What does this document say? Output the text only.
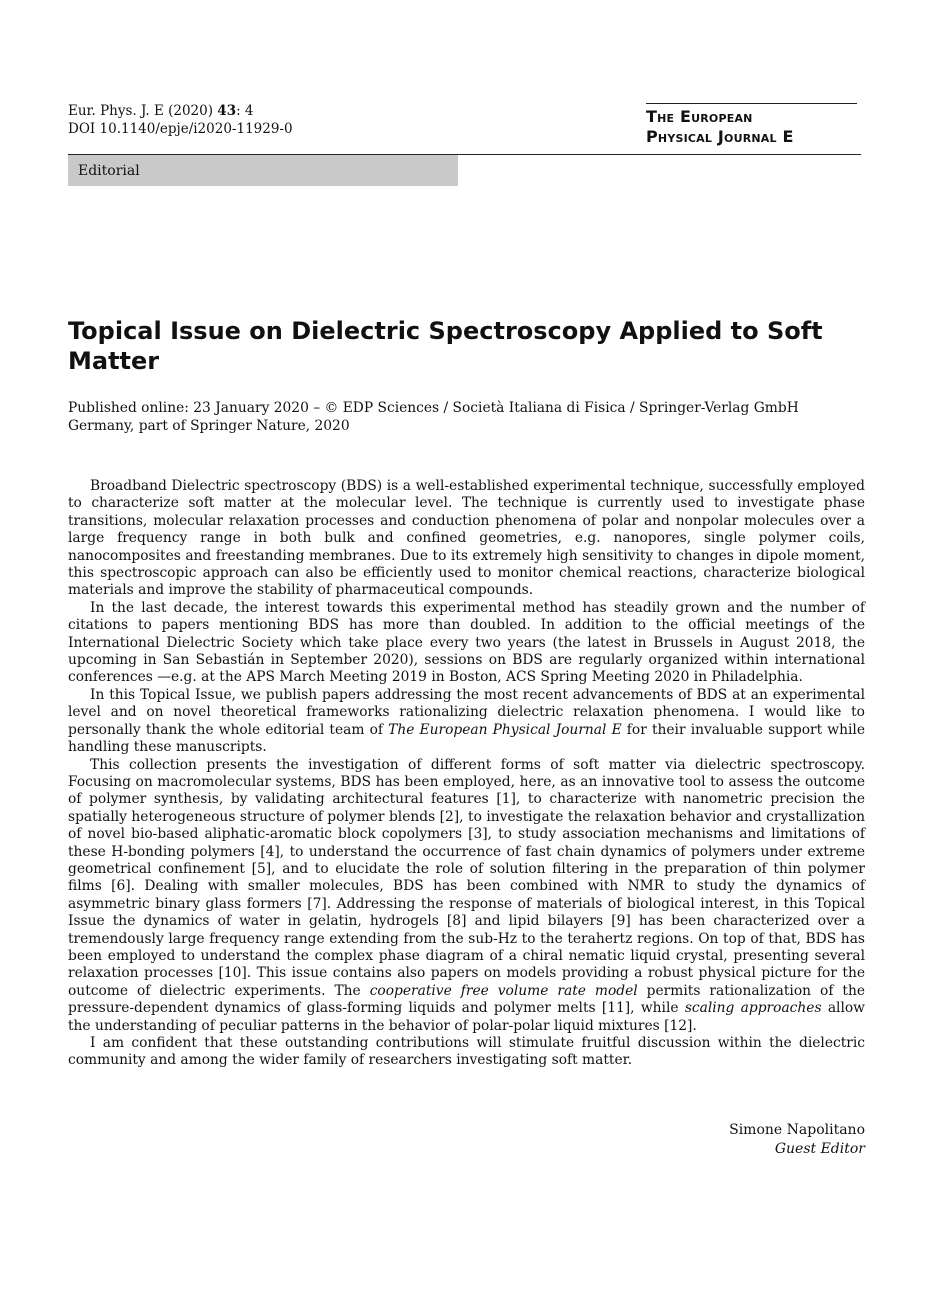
Eur. Phys. J. E (2020) 43: 4
DOI 10.1140/epje/i2020-11929-0
The European
Physical Journal E
Editorial
Topical Issue on Dielectric Spectroscopy Applied to Soft Matter
Published online: 23 January 2020 – © EDP Sciences / Società Italiana di Fisica / Springer-Verlag GmbH Germany, part of Springer Nature, 2020

Broadband Dielectric spectroscopy (BDS) is a well-established experimental technique, successfully employed to characterize soft matter at the molecular level. The technique is currently used to investigate phase transitions, molecular relaxation processes and conduction phenomena of polar and nonpolar molecules over a large frequency range in both bulk and confined geometries, e.g. nanopores, single polymer coils, nanocomposites and freestanding membranes. Due to its extremely high sensitivity to changes in dipole moment, this spectroscopic approach can also be efficiently used to monitor chemical reactions, characterize biological materials and improve the stability of pharmaceutical compounds.

In the last decade, the interest towards this experimental method has steadily grown and the number of citations to papers mentioning BDS has more than doubled. In addition to the official meetings of the International Dielectric Society which take place every two years (the latest in Brussels in August 2018, the upcoming in San Sebastián in September 2020), sessions on BDS are regularly organized within international conferences —e.g. at the APS March Meeting 2019 in Boston, ACS Spring Meeting 2020 in Philadelphia.

In this Topical Issue, we publish papers addressing the most recent advancements of BDS at an experimental level and on novel theoretical frameworks rationalizing dielectric relaxation phenomena. I would like to personally thank the whole editorial team of The European Physical Journal E for their invaluable support while handling these manuscripts.

This collection presents the investigation of different forms of soft matter via dielectric spectroscopy. Focusing on macromolecular systems, BDS has been employed, here, as an innovative tool to assess the outcome of polymer synthesis, by validating architectural features [1], to characterize with nanometric precision the spatially heterogeneous structure of polymer blends [2], to investigate the relaxation behavior and crystallization of novel bio-based aliphatic-aromatic block copolymers [3], to study association mechanisms and limitations of these H-bonding polymers [4], to understand the occurrence of fast chain dynamics of polymers under extreme geometrical confinement [5], and to elucidate the role of solution filtering in the preparation of thin polymer films [6]. Dealing with smaller molecules, BDS has been combined with NMR to study the dynamics of asymmetric binary glass formers [7]. Addressing the response of materials of biological interest, in this Topical Issue the dynamics of water in gelatin, hydrogels [8] and lipid bilayers [9] has been characterized over a tremendously large frequency range extending from the sub-Hz to the terahertz regions. On top of that, BDS has been employed to understand the complex phase diagram of a chiral nematic liquid crystal, presenting several relaxation processes [10]. This issue contains also papers on models providing a robust physical picture for the outcome of dielectric experiments. The cooperative free volume rate model permits rationalization of the pressure-dependent dynamics of glass-forming liquids and polymer melts [11], while scaling approaches allow the understanding of peculiar patterns in the behavior of polar-polar liquid mixtures [12].

I am confident that these outstanding contributions will stimulate fruitful discussion within the dielectric community and among the wider family of researchers investigating soft matter.

Simone Napolitano
Guest Editor
